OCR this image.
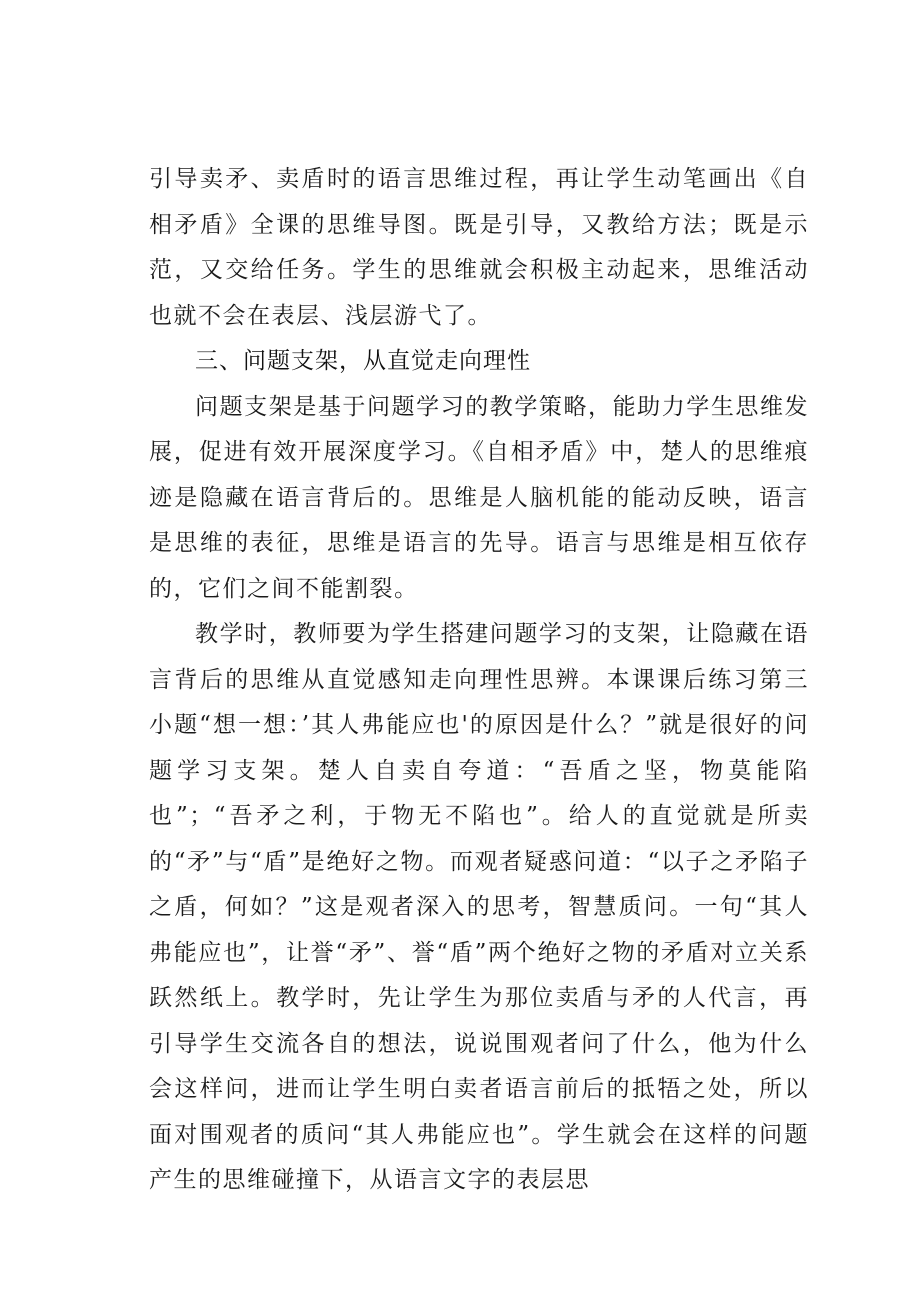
引导卖矛、卖盾时的语言思维过程，再让学生动笔画出《自相矛盾》全课的思维导图。既是引导，又教给方法；既是示范，又交给任务。学生的思维就会积极主动起来，思维活动也就不会在表层、浅层游弋了。

三、问题支架，从直觉走向理性

问题支架是基于问题学习的教学策略，能助力学生思维发展，促进有效开展深度学习。《自相矛盾》中，楚人的思维痕迹是隐藏在语言背后的。思维是人脑机能的能动反映，语言是思维的表征，思维是语言的先导。语言与思维是相互依存的，它们之间不能割裂。

教学时，教师要为学生搭建问题学习的支架，让隐藏在语言背后的思维从直觉感知走向理性思辨。本课课后练习第三小题“想一想：’其人弗能应也'的原因是什么？”就是很好的问题学习支架。楚人自卖自夸道：“吾盾之坚，物莫能陷也”；“吾矛之利，于物无不陷也”。给人的直觉就是所卖的“矛”与“盾”是绝好之物。而观者疑惑问道：“以子之矛陷子之盾，何如？”这是观者深入的思考，智慧质问。一句“其人弗能应也”，让誉“矛”、誉“盾”两个绝好之物的矛盾对立关系跃然纸上。教学时，先让学生为那位卖盾与矛的人代言，再引导学生交流各自的想法，说说围观者问了什么，他为什么会这样问，进而让学生明白卖者语言前后的抵牾之处，所以面对围观者的质问“其人弗能应也”。学生就会在这样的问题产生的思维碰撞下，从语言文字的表层思
